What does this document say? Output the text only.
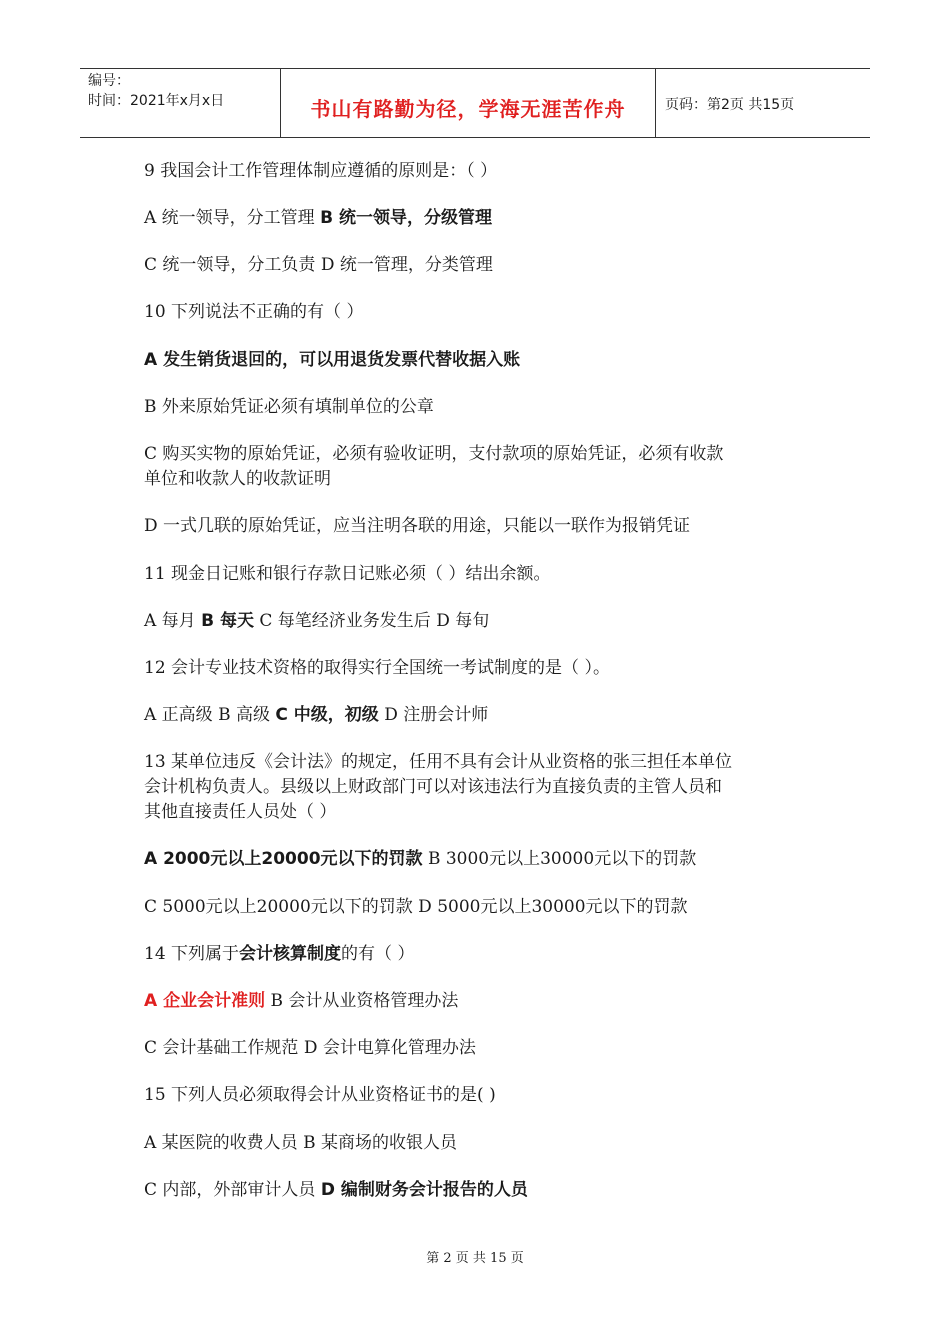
编号：
时间：2021年x月x日	书山有路勤为径，学海无涯苦作舟	页码：第2页 共15页
9 我国会计工作管理体制应遵循的原则是：（ ）
A 统一领导，分工管理 B 统一领导，分级管理
C 统一领导，分工负责 D 统一管理，分类管理
10 下列说法不正确的有（ ）
A 发生销货退回的，可以用退货发票代替收据入账
B 外来原始凭证必须有填制单位的公章
C 购买实物的原始凭证，必须有验收证明，支付款项的原始凭证，必须有收款
单位和收款人的收款证明
D 一式几联的原始凭证，应当注明各联的用途，只能以一联作为报销凭证
11 现金日记账和银行存款日记账必须（ ）结出余额。
A 每月 B 每天 C 每笔经济业务发生后 D 每旬
12 会计专业技术资格的取得实行全国统一考试制度的是（ ）。
A 正高级 B 高级 C 中级，初级 D 注册会计师
13 某单位违反《会计法》的规定，任用不具有会计从业资格的张三担任本单位
会计机构负责人。县级以上财政部门可以对该违法行为直接负责的主管人员和
其他直接责任人员处（ ）
A 2000元以上20000元以下的罚款 B 3000元以上30000元以下的罚款
C 5000元以上20000元以下的罚款 D 5000元以上30000元以下的罚款
14 下列属于会计核算制度的有（ ）
A 企业会计准则 B 会计从业资格管理办法
C 会计基础工作规范 D 会计电算化管理办法
15 下列人员必须取得会计从业资格证书的是( )
A 某医院的收费人员 B 某商场的收银人员
C 内部，外部审计人员 D 编制财务会计报告的人员
第 2 页 共 15 页
